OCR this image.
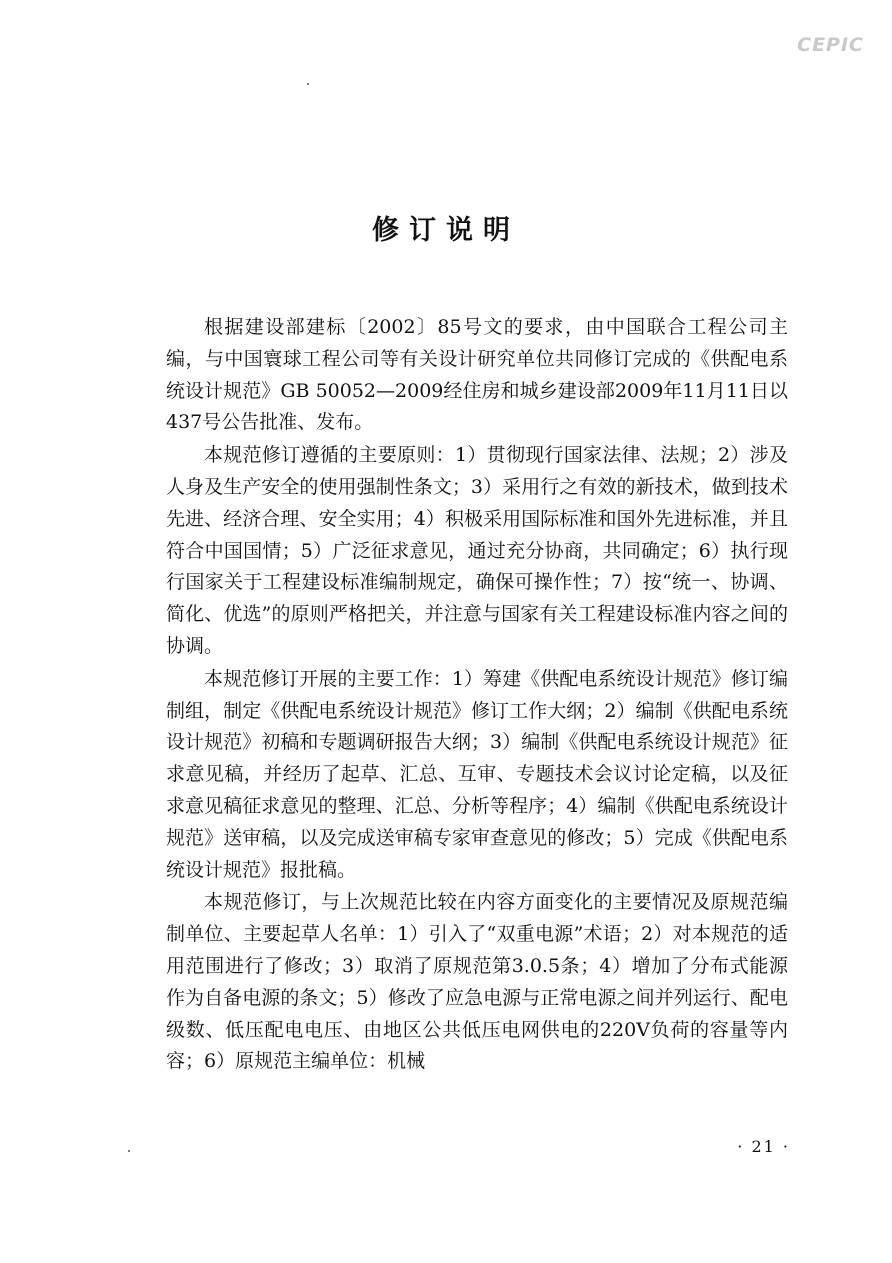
CEPIC
修订说明

根据建设部建标〔2002〕85号文的要求，由中国联合工程公司主编，与中国寰球工程公司等有关设计研究单位共同修订完成的《供配电系统设计规范》GB 50052—2009经住房和城乡建设部2009年11月11日以437号公告批准、发布。

本规范修订遵循的主要原则：1）贯彻现行国家法律、法规；2）涉及人身及生产安全的使用强制性条文；3）采用行之有效的新技术，做到技术先进、经济合理、安全实用；4）积极采用国际标准和国外先进标准，并且符合中国国情；5）广泛征求意见，通过充分协商，共同确定；6）执行现行国家关于工程建设标准编制规定，确保可操作性；7）按“统一、协调、简化、优选”的原则严格把关，并注意与国家有关工程建设标准内容之间的协调。

本规范修订开展的主要工作：1）筹建《供配电系统设计规范》修订编制组，制定《供配电系统设计规范》修订工作大纲；2）编制《供配电系统设计规范》初稿和专题调研报告大纲；3）编制《供配电系统设计规范》征求意见稿，并经历了起草、汇总、互审、专题技术会议讨论定稿，以及征求意见稿征求意见的整理、汇总、分析等程序；4）编制《供配电系统设计规范》送审稿，以及完成送审稿专家审查意见的修改；5）完成《供配电系统设计规范》报批稿。

本规范修订，与上次规范比较在内容方面变化的主要情况及原规范编制单位、主要起草人名单：1）引入了“双重电源”术语；2）对本规范的适用范围进行了修改；3）取消了原规范第3.0.5条；4）增加了分布式能源作为自备电源的条文；5）修改了应急电源与正常电源之间并列运行、配电级数、低压配电电压、由地区公共低压电网供电的220V负荷的容量等内容；6）原规范主编单位：机械

· 21 ·
